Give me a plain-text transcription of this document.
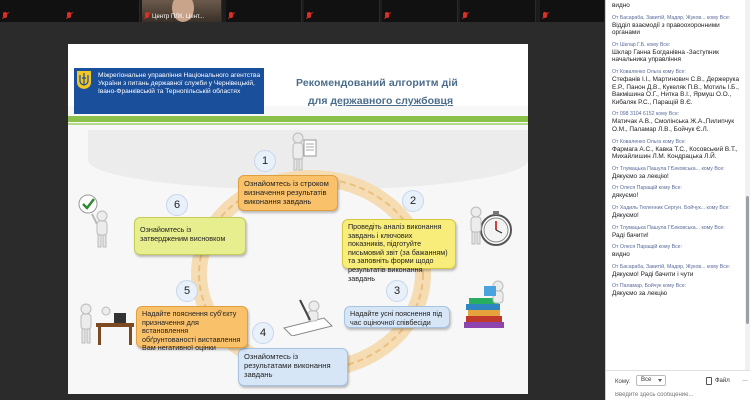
Центр ПЛК. Цент...
Міжрегіональне управління Національного агентства України з питань державної служби у Чернівецькій, Івано-Франківській та Тернопільській областях
Рекомендований алгоритм дій
для державного службовця
1
2
3
4
5
6
Ознайомтесь із строком визначення результатів виконання завдань
Проведіть аналіз виконання завдань і ключових показників, підготуйте письмовий звіт (за бажанням) та заповніть форми щодо результатів виконання завдань
Надайте усні пояснення під час оціночної співбесіди
Ознайомтесь із результатами виконання завдань
Надайте пояснення суб'єкту призначення для встановлення обґрунтованості виставлення Вам негативної оцінки
Ознайомтесь із затвердженим висновком
видно
От Басараба, Завитій, Мадяр, Жуков... кому Все:
Відділ взаємодії з правоохоронними органами
От Шклар Г.Б. кому Все:
Шклар Ганна Богданівна -Заступник начальника управління
От Коваленко Ольга кому Все:
Стефанів І.І., Мартинович С.В., Держерука Е.Р., Панон Д.В., Кукеляк П.В., Мотиль І.Б., Вакмішина О.Г., Нитка В.І., Ярмуш О.О., Кибаляк Р.С., Паращій В.Є.
От 098 3104 6152 кому Все:
Матичак А.В., Смолінська Ж.А.,Пилипчук О.М., Паламар Л.В., Бойчук Є.Л.
От Коваленко Ольга кому Все:
Фармага А.С., Кавка Т.С., Косовський В.Т., Михайлишин Л.М. Кондрацька Л.Й.
От Тлумацька Пашула ГЄековська... кому Все:
Дякуємо за лекцію!
От Олеся Паращій кому Все:
дякуємо!
От Хадиль Тюленник Сергун. Бойчук... кому Все:
Дякуємо!
От Тлумацька Пашула ГЄековська... кому Все:
Раді бачити!
От Олеся Паращій кому Все:
видно
От Басараба, Завитій, Мадяр, Жуков... кому Все:
Дякуємо! Раді бачити і чути
От Паламар, Бойчук кому Все:
Дякуємо за лекцію
Кому:	Все	Файл ...
Введите здесь сообщение...
